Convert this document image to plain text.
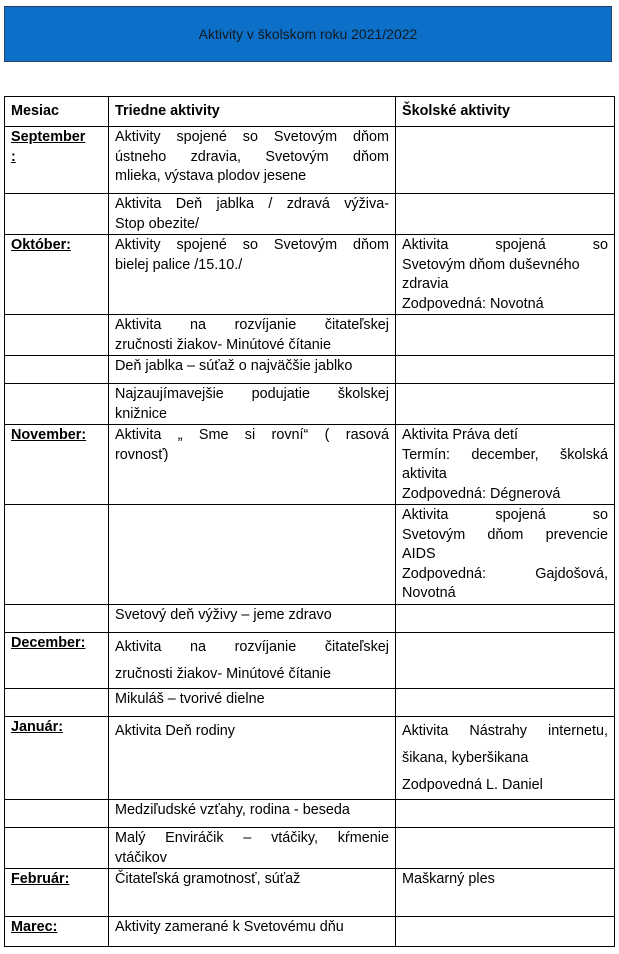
Aktivity v školskom roku 2021/2022
Mesiac	Triedne aktivity	Školské aktivity

September
:	Aktivity spojené so Svetovým dňom
ústneho zdravia, Svetovým dňom
mlieka, výstava plodov jesene	

	Aktivita Deň jablka / zdravá výživa-
Stop obezite/	

Október:	Aktivity spojené so Svetovým dňom
bielej palice /15.10./	Aktivita spojená so
Svetovým dňom duševného
zdravia
Zodpovedná: Novotná

	Aktivita na rozvíjanie čitateľskej
zručnosti žiakov- Minútové čítanie	

	Deň jablka – súťaž o najväčšie jablko	

	Najzaujímavejšie podujatie školskej
knižnice	

November:	Aktivita „ Sme si rovní“ ( rasová
rovnosť)	Aktivita Práva detí
Termín: december, školská
aktivita
Zodpovedná: Dégnerová

		Aktivita spojená so
Svetovým dňom prevencie
AIDS
Zodpovedná: Gajdošová,
Novotná

	Svetový deň výživy – jeme zdravo	

December:	Aktivita na rozvíjanie čitateľskej
zručnosti žiakov- Minútové čítanie	

	Mikuláš – tvorivé dielne	

Január:	Aktivita Deň rodiny	Aktivita Nástrahy internetu,
šikana, kyberšikana
Zodpovedná L. Daniel

	Medziľudské vzťahy, rodina - beseda	

	Malý Enviráčik – vtáčiky, kŕmenie
vtáčikov	

Február:	Čitateľská gramotnosť, súťaž	Maškarný ples

Marec:	Aktivity zamerané k Svetovému dňu	
